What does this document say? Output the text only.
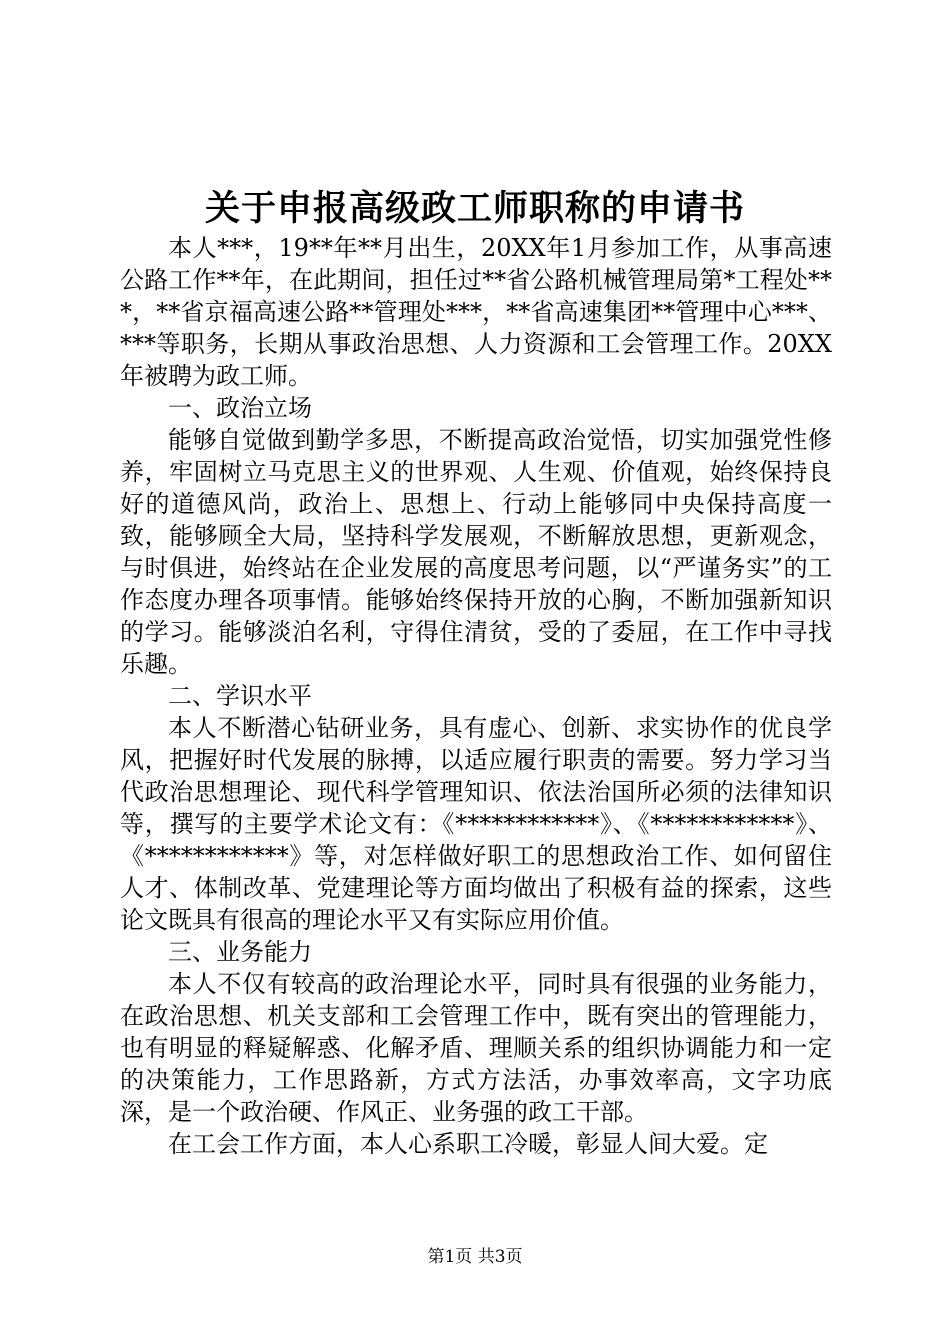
关于申报高级政工师职称的申请书

本人***，19**年**月出生，20XX年1月参加工作，从事高速公路工作**年，在此期间，担任过**省公路机械管理局第*工程处***，**省京福高速公路**管理处***，**省高速集团**管理中心***、***等职务，长期从事政治思想、人力资源和工会管理工作。20XX年被聘为政工师。

一、政治立场

能够自觉做到勤学多思，不断提高政治觉悟，切实加强党性修养，牢固树立马克思主义的世界观、人生观、价值观，始终保持良好的道德风尚，政治上、思想上、行动上能够同中央保持高度一致，能够顾全大局，坚持科学发展观，不断解放思想，更新观念，与时俱进，始终站在企业发展的高度思考问题，以“严谨务实”的工作态度办理各项事情。能够始终保持开放的心胸，不断加强新知识的学习。能够淡泊名利，守得住清贫，受的了委屈，在工作中寻找乐趣。

二、学识水平

本人不断潜心钻研业务，具有虚心、创新、求实协作的优良学风，把握好时代发展的脉搏，以适应履行职责的需要。努力学习当代政治思想理论、现代科学管理知识、依法治国所必须的法律知识等，撰写的主要学术论文有：《************》、《************》、《************》等，对怎样做好职工的思想政治工作、如何留住人才、体制改革、党建理论等方面均做出了积极有益的探索，这些论文既具有很高的理论水平又有实际应用价值。

三、业务能力

本人不仅有较高的政治理论水平，同时具有很强的业务能力，在政治思想、机关支部和工会管理工作中，既有突出的管理能力，也有明显的释疑解惑、化解矛盾、理顺关系的组织协调能力和一定的决策能力，工作思路新，方式方法活，办事效率高，文字功底深，是一个政治硬、作风正、业务强的政工干部。

在工会工作方面，本人心系职工冷暖，彰显人间大爱。定

第1页 共3页
